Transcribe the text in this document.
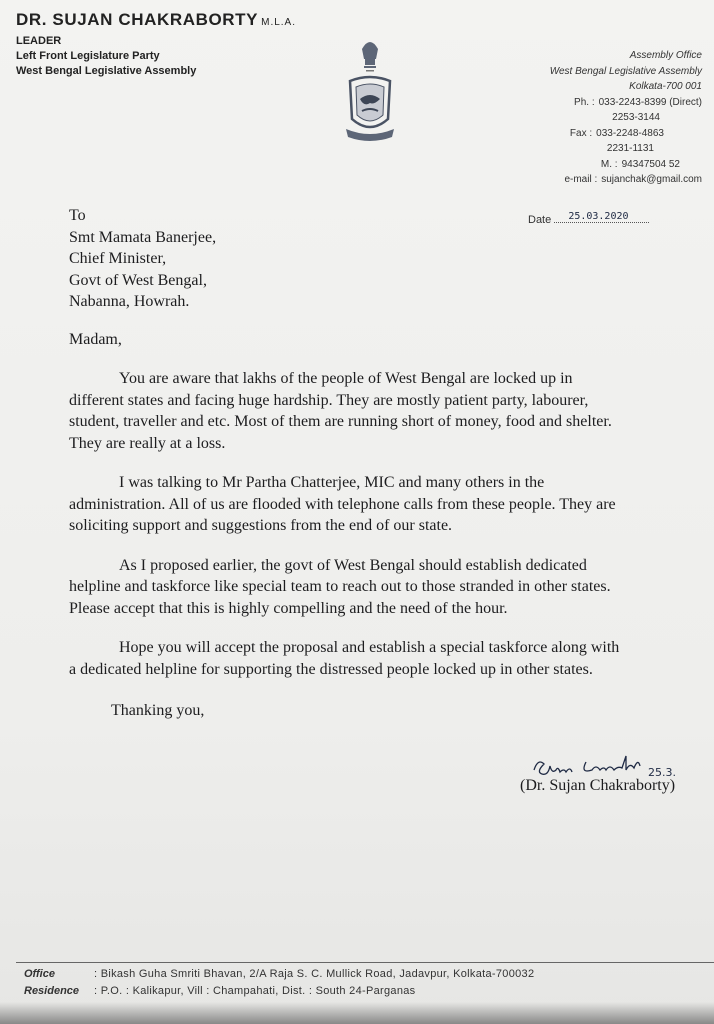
DR. SUJAN CHAKRABORTY M.L.A.
LEADER
Left Front Legislature Party
West Bengal Legislative Assembly
Assembly Office
West Bengal Legislative Assembly
Kolkata-700 001
Ph. : 033-2243-8399 (Direct)
2253-3144
Fax : 033-2248-4863
2231-1131
M. : 94347504 52
e-mail : sujanchak@gmail.com
Date 25.03.2020

To

Smt Mamata Banerjee,

Chief Minister,

Govt of West Bengal,

Nabanna, Howrah.

Madam,

You are aware that lakhs of the people of West Bengal are locked up in
different states and facing huge hardship. They are mostly patient party, labourer,
student, traveller and etc. Most of them are running short of money, food and shelter.
They are really at a loss.

I was talking to Mr Partha Chatterjee, MIC and many others in the
administration. All of us are flooded with telephone calls from these people. They are
soliciting support and suggestions from the end of our state.

As I proposed earlier, the govt of West Bengal should establish dedicated
helpline and taskforce like special team to reach out to those stranded in other states.
Please accept that this is highly compelling and the need of the hour.

Hope you will accept the proposal and establish a special taskforce along with
a dedicated helpline for supporting the distressed people locked up in other states.

Thanking you,

25.3.
(Dr. Sujan Chakraborty)
Office	: Bikash Guha Smriti Bhavan, 2/A Raja S. C. Mullick Road, Jadavpur, Kolkata-700032
Residence : P.O. : Kalikapur, Vill : Champahati, Dist. : South 24-Parganas
